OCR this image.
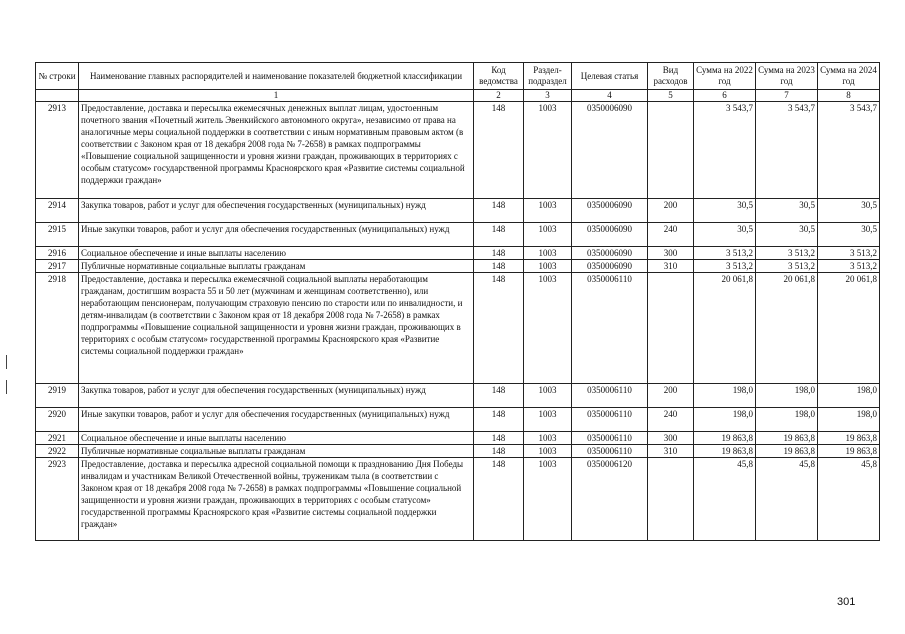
№ строки	Наименование главных распорядителей и наименование показателей бюджетной классификации	Код ведомства	Раздел-подраздел	Целевая статья	Вид расходов	Сумма на 2022 год	Сумма на 2023 год	Сумма на 2024 год
	1	2	3	4	5	6	7	8
2913	Предоставление, доставка и пересылка ежемесячных денежных выплат лицам, удостоенным почетного звания «Почетный житель Эвенкийского автономного округа», независимо от права на аналогичные меры социальной поддержки в соответствии с иным нормативным правовым актом (в соответствии с Законом края от 18 декабря 2008 года № 7-2658) в рамках подпрограммы «Повышение социальной защищенности и уровня жизни граждан, проживающих в территориях с особым статусом» государственной программы Красноярского края «Развитие системы социальной поддержки граждан»	148	1003	0350006090		3 543,7	3 543,7	3 543,7
2914	Закупка товаров, работ и услуг для обеспечения государственных (муниципальных) нужд	148	1003	0350006090	200	30,5	30,5	30,5
2915	Иные закупки товаров, работ и услуг для обеспечения государственных (муниципальных) нужд	148	1003	0350006090	240	30,5	30,5	30,5
2916	Социальное обеспечение и иные выплаты населению	148	1003	0350006090	300	3 513,2	3 513,2	3 513,2
2917	Публичные нормативные социальные выплаты гражданам	148	1003	0350006090	310	3 513,2	3 513,2	3 513,2
2918	Предоставление, доставка и пересылка ежемесячной социальной выплаты неработающим гражданам, достигшим возраста 55 и 50 лет (мужчинам и женщинам соответственно), или неработающим пенсионерам, получающим страховую пенсию по старости или по инвалидности, и детям-инвалидам (в соответствии с Законом края от 18 декабря 2008 года № 7-2658) в рамках подпрограммы «Повышение социальной защищенности и уровня жизни граждан, проживающих в территориях с особым статусом» государственной программы Красноярского края «Развитие системы социальной поддержки граждан»	148	1003	0350006110		20 061,8	20 061,8	20 061,8
2919	Закупка товаров, работ и услуг для обеспечения государственных (муниципальных) нужд	148	1003	0350006110	200	198,0	198,0	198,0
2920	Иные закупки товаров, работ и услуг для обеспечения государственных (муниципальных) нужд	148	1003	0350006110	240	198,0	198,0	198,0
2921	Социальное обеспечение и иные выплаты населению	148	1003	0350006110	300	19 863,8	19 863,8	19 863,8
2922	Публичные нормативные социальные выплаты гражданам	148	1003	0350006110	310	19 863,8	19 863,8	19 863,8
2923	Предоставление, доставка и пересылка адресной социальной помощи к празднованию Дня Победы инвалидам и участникам Великой Отечественной войны, труженикам тыла (в соответствии с Законом края от 18 декабря 2008 года № 7-2658) в рамках подпрограммы «Повышение социальной защищенности и уровня жизни граждан, проживающих в территориях с особым статусом» государственной программы Красноярского края «Развитие системы социальной поддержки граждан»	148	1003	0350006120		45,8	45,8	45,8
301
